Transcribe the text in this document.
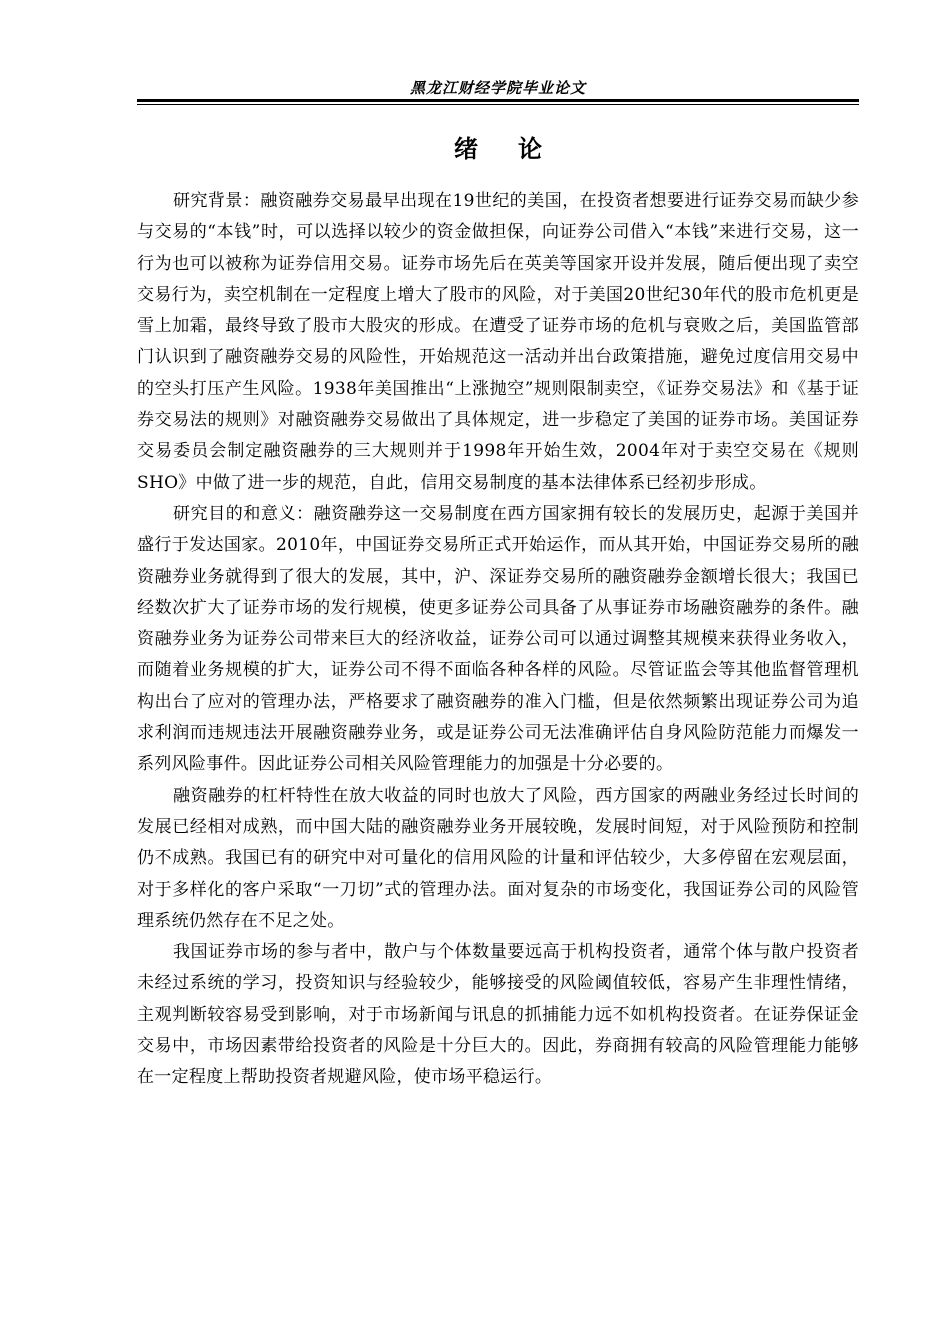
黑龙江财经学院毕业论文
绪论

研究背景：融资融券交易最早出现在19世纪的美国，在投资者想要进行证券交易而缺少参与交易的“本钱”时，可以选择以较少的资金做担保，向证券公司借入“本钱”来进行交易，这一行为也可以被称为证券信用交易。证券市场先后在英美等国家开设并发展，随后便出现了卖空交易行为，卖空机制在一定程度上增大了股市的风险，对于美国20世纪30年代的股市危机更是雪上加霜，最终导致了股市大股灾的形成。在遭受了证券市场的危机与衰败之后，美国监管部门认识到了融资融券交易的风险性，开始规范这一活动并出台政策措施，避免过度信用交易中的空头打压产生风险。1938年美国推出“上涨抛空”规则限制卖空，《证券交易法》和《基于证券交易法的规则》对融资融券交易做出了具体规定，进一步稳定了美国的证券市场。美国证券交易委员会制定融资融券的三大规则并于1998年开始生效，2004年对于卖空交易在《规则SHO》中做了进一步的规范，自此，信用交易制度的基本法律体系已经初步形成。

研究目的和意义：融资融券这一交易制度在西方国家拥有较长的发展历史，起源于美国并盛行于发达国家。2010年，中国证券交易所正式开始运作，而从其开始，中国证券交易所的融资融券业务就得到了很大的发展，其中，沪、深证券交易所的融资融券金额增长很大；我国已经数次扩大了证券市场的发行规模，使更多证券公司具备了从事证券市场融资融券的条件。融资融券业务为证券公司带来巨大的经济收益，证券公司可以通过调整其规模来获得业务收入，而随着业务规模的扩大，证券公司不得不面临各种各样的风险。尽管证监会等其他监督管理机构出台了应对的管理办法，严格要求了融资融券的准入门槛，但是依然频繁出现证券公司为追求利润而违规违法开展融资融券业务，或是证券公司无法准确评估自身风险防范能力而爆发一系列风险事件。因此证券公司相关风险管理能力的加强是十分必要的。

融资融券的杠杆特性在放大收益的同时也放大了风险，西方国家的两融业务经过长时间的发展已经相对成熟，而中国大陆的融资融券业务开展较晚，发展时间短，对于风险预防和控制仍不成熟。我国已有的研究中对可量化的信用风险的计量和评估较少，大多停留在宏观层面，对于多样化的客户采取“一刀切”式的管理办法。面对复杂的市场变化，我国证券公司的风险管理系统仍然存在不足之处。

我国证券市场的参与者中，散户与个体数量要远高于机构投资者，通常个体与散户投资者未经过系统的学习，投资知识与经验较少，能够接受的风险阈值较低，容易产生非理性情绪，主观判断较容易受到影响，对于市场新闻与讯息的抓捕能力远不如机构投资者。在证券保证金交易中，市场因素带给投资者的风险是十分巨大的。因此，券商拥有较高的风险管理能力能够在一定程度上帮助投资者规避风险，使市场平稳运行。
